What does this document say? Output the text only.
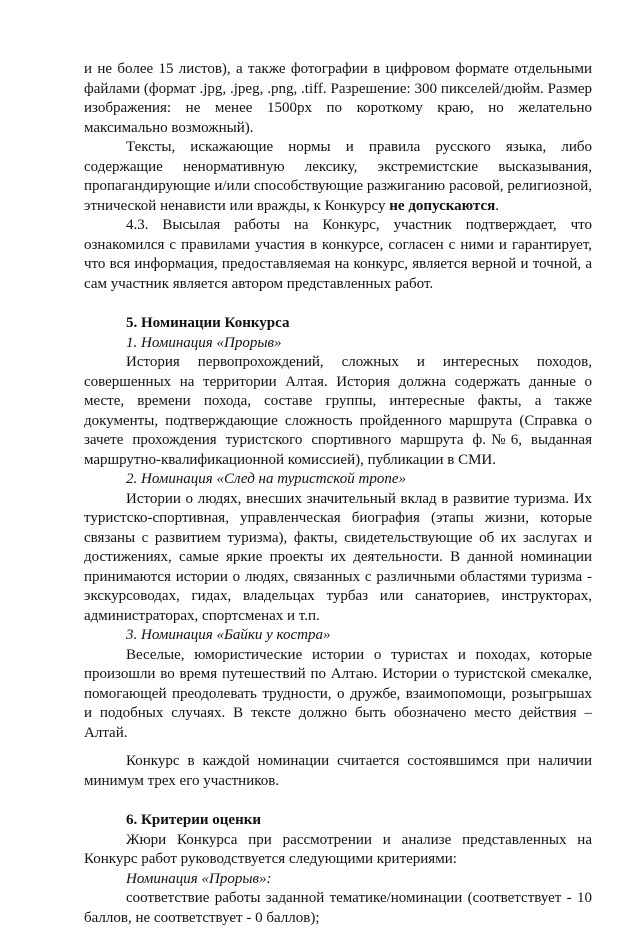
и не более 15 листов), а также фотографии в цифровом формате отдельными файлами (формат .jpg, .jpeg, .png, .tiff. Разрешение: 300 пикселей/дюйм. Размер изображения: не менее 1500px по короткому краю, но желательно максимально возможный).

Тексты, искажающие нормы и правила русского языка, либо содержащие ненормативную лексику, экстремистские высказывания, пропагандирующие и/или способствующие разжиганию расовой, религиозной, этнической ненависти или вражды, к Конкурсу не допускаются.

4.3. Высылая работы на Конкурс, участник подтверждает, что ознакомился с правилами участия в конкурсе, согласен с ними и гарантирует, что вся информация, предоставляемая на конкурс, является верной и точной, а сам участник является автором представленных работ.

5. Номинации Конкурса

1. Номинация «Прорыв»

История первопрохождений, сложных и интересных походов, совершенных на территории Алтая. История должна содержать данные о месте, времени похода, составе группы, интересные факты, а также документы, подтверждающие сложность пройденного маршрута (Справка о зачете прохождения туристского спортивного маршрута ф.№6, выданная маршрутно-квалификационной комиссией), публикации в СМИ.

2. Номинация «След на туристской тропе»

Истории о людях, внесших значительный вклад в развитие туризма. Их туристско-спортивная, управленческая биография (этапы жизни, которые связаны с развитием туризма), факты, свидетельствующие об их заслугах и достижениях, самые яркие проекты их деятельности. В данной номинации принимаются истории о людях, связанных с различными областями туризма - экскурсоводах, гидах, владельцах турбаз или санаториев, инструкторах, администраторах, спортсменах и т.п.

3. Номинация «Байки у костра»

Веселые, юмористические истории о туристах и походах, которые произошли во время путешествий по Алтаю. Истории о туристской смекалке, помогающей преодолевать трудности, о дружбе, взаимопомощи, розыгрышах и подобных случаях. В тексте должно быть обозначено место действия – Алтай.

Конкурс в каждой номинации считается состоявшимся при наличии минимум трех его участников.

6. Критерии оценки

Жюри Конкурса при рассмотрении и анализе представленных на Конкурс работ руководствуется следующими критериями:

Номинация «Прорыв»:

соответствие работы заданной тематике/номинации (соответствует - 10 баллов, не соответствует - 0 баллов);
